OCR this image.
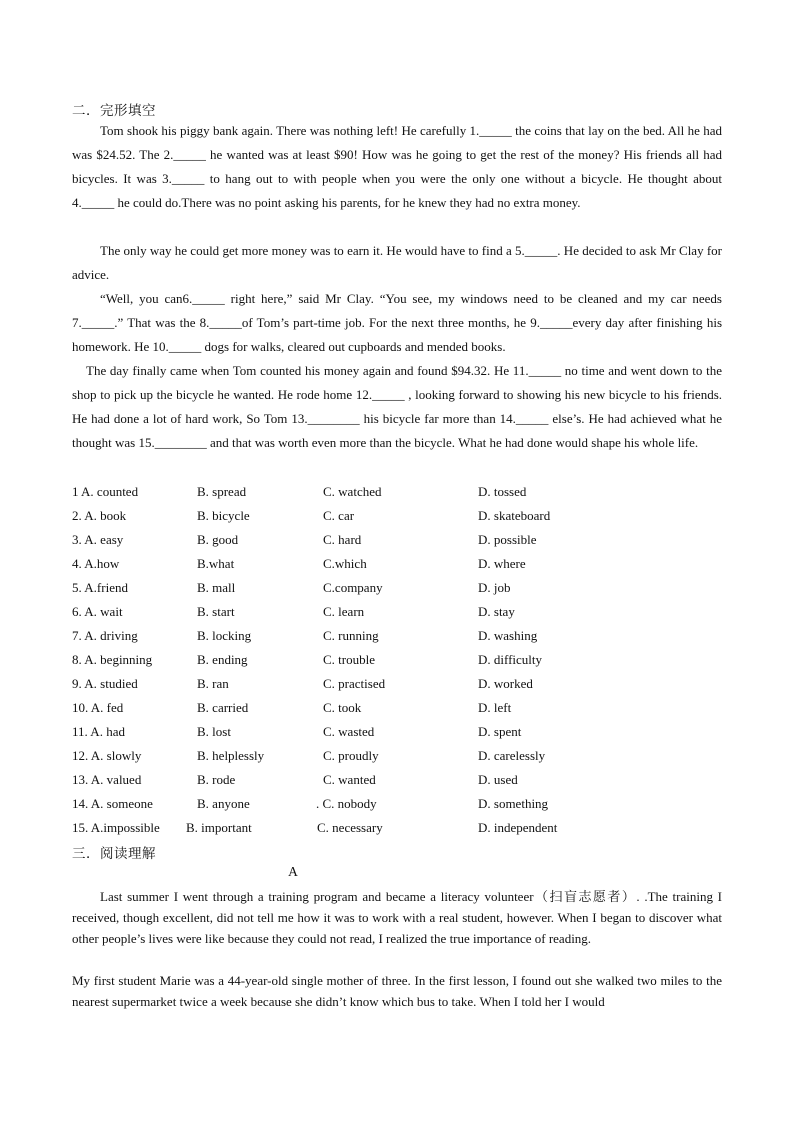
二．完形填空

Tom shook his piggy bank again. There was nothing left! He carefully 1._____ the coins that lay on the bed. All he had was $24.52. The 2._____ he wanted was at least $90! How was he going to get the rest of the money? His friends all had bicycles. It was 3._____ to hang out to with people when you were the only one without a bicycle. He thought about 4._____ he could do.There was no point asking his parents, for he knew they had no extra money.

The only way he could get more money was to earn it. He would have to find a 5._____. He decided to ask Mr Clay for advice.

“Well, you can6._____ right here,” said Mr Clay. “You see, my windows need to be cleaned and my car needs 7._____.” That was the 8._____of Tom’s part-time job. For the next three months, he 9._____every day after finishing his homework. He 10._____ dogs for walks, cleared out cupboards and mended books.

The day finally came when Tom counted his money again and found $94.32. He 11._____ no time and went down to the shop to pick up the bicycle he wanted. He rode home 12._____ , looking forward to showing his new bicycle to his friends. He had done a lot of hard work, So Tom 13.________ his bicycle far more than 14._____ else’s. He had achieved what he thought was 15.________ and that was worth even more than the bicycle. What he had done would shape his whole life.

1 A. counted	B. spread	C. watched	D. tossed
2. A. book	B. bicycle	C. car	D. skateboard
3. A. easy	B. good	C. hard	D. possible
4. A.how	B.what	C.which	D. where
5. A.friend	B. mall	C.company	D. job
6. A. wait	B. start	C. learn	D. stay
7. A. driving	B. locking	C. running	D. washing
8. A. beginning	B. ending	C. trouble	D. difficulty
9. A. studied	B. ran	C. practised	D. worked
10. A. fed	B. carried	C. took	D. left
11. A. had	B. lost	C. wasted	D. spent
12. A. slowly	B. helplessly	C. proudly	D. carelessly
13. A. valued	B. rode	C. wanted	D. used
14. A. someone	B. anyone	. C. nobody	D. something
15. A.impossible B. important	C. necessary	D. independent
三．阅读理解
A

Last summer I went through a training program and became a literacy volunteer（扫盲志愿者）. .The training I received, though excellent, did not tell me how it was to work with a real student, however. When I began to discover what other people’s lives were like because they could not read, I realized the true importance of reading.

My first student Marie was a 44-year-old single mother of three. In the first lesson, I found out she walked two miles to the nearest supermarket twice a week because she didn’t know which bus to take. When I told her I would
